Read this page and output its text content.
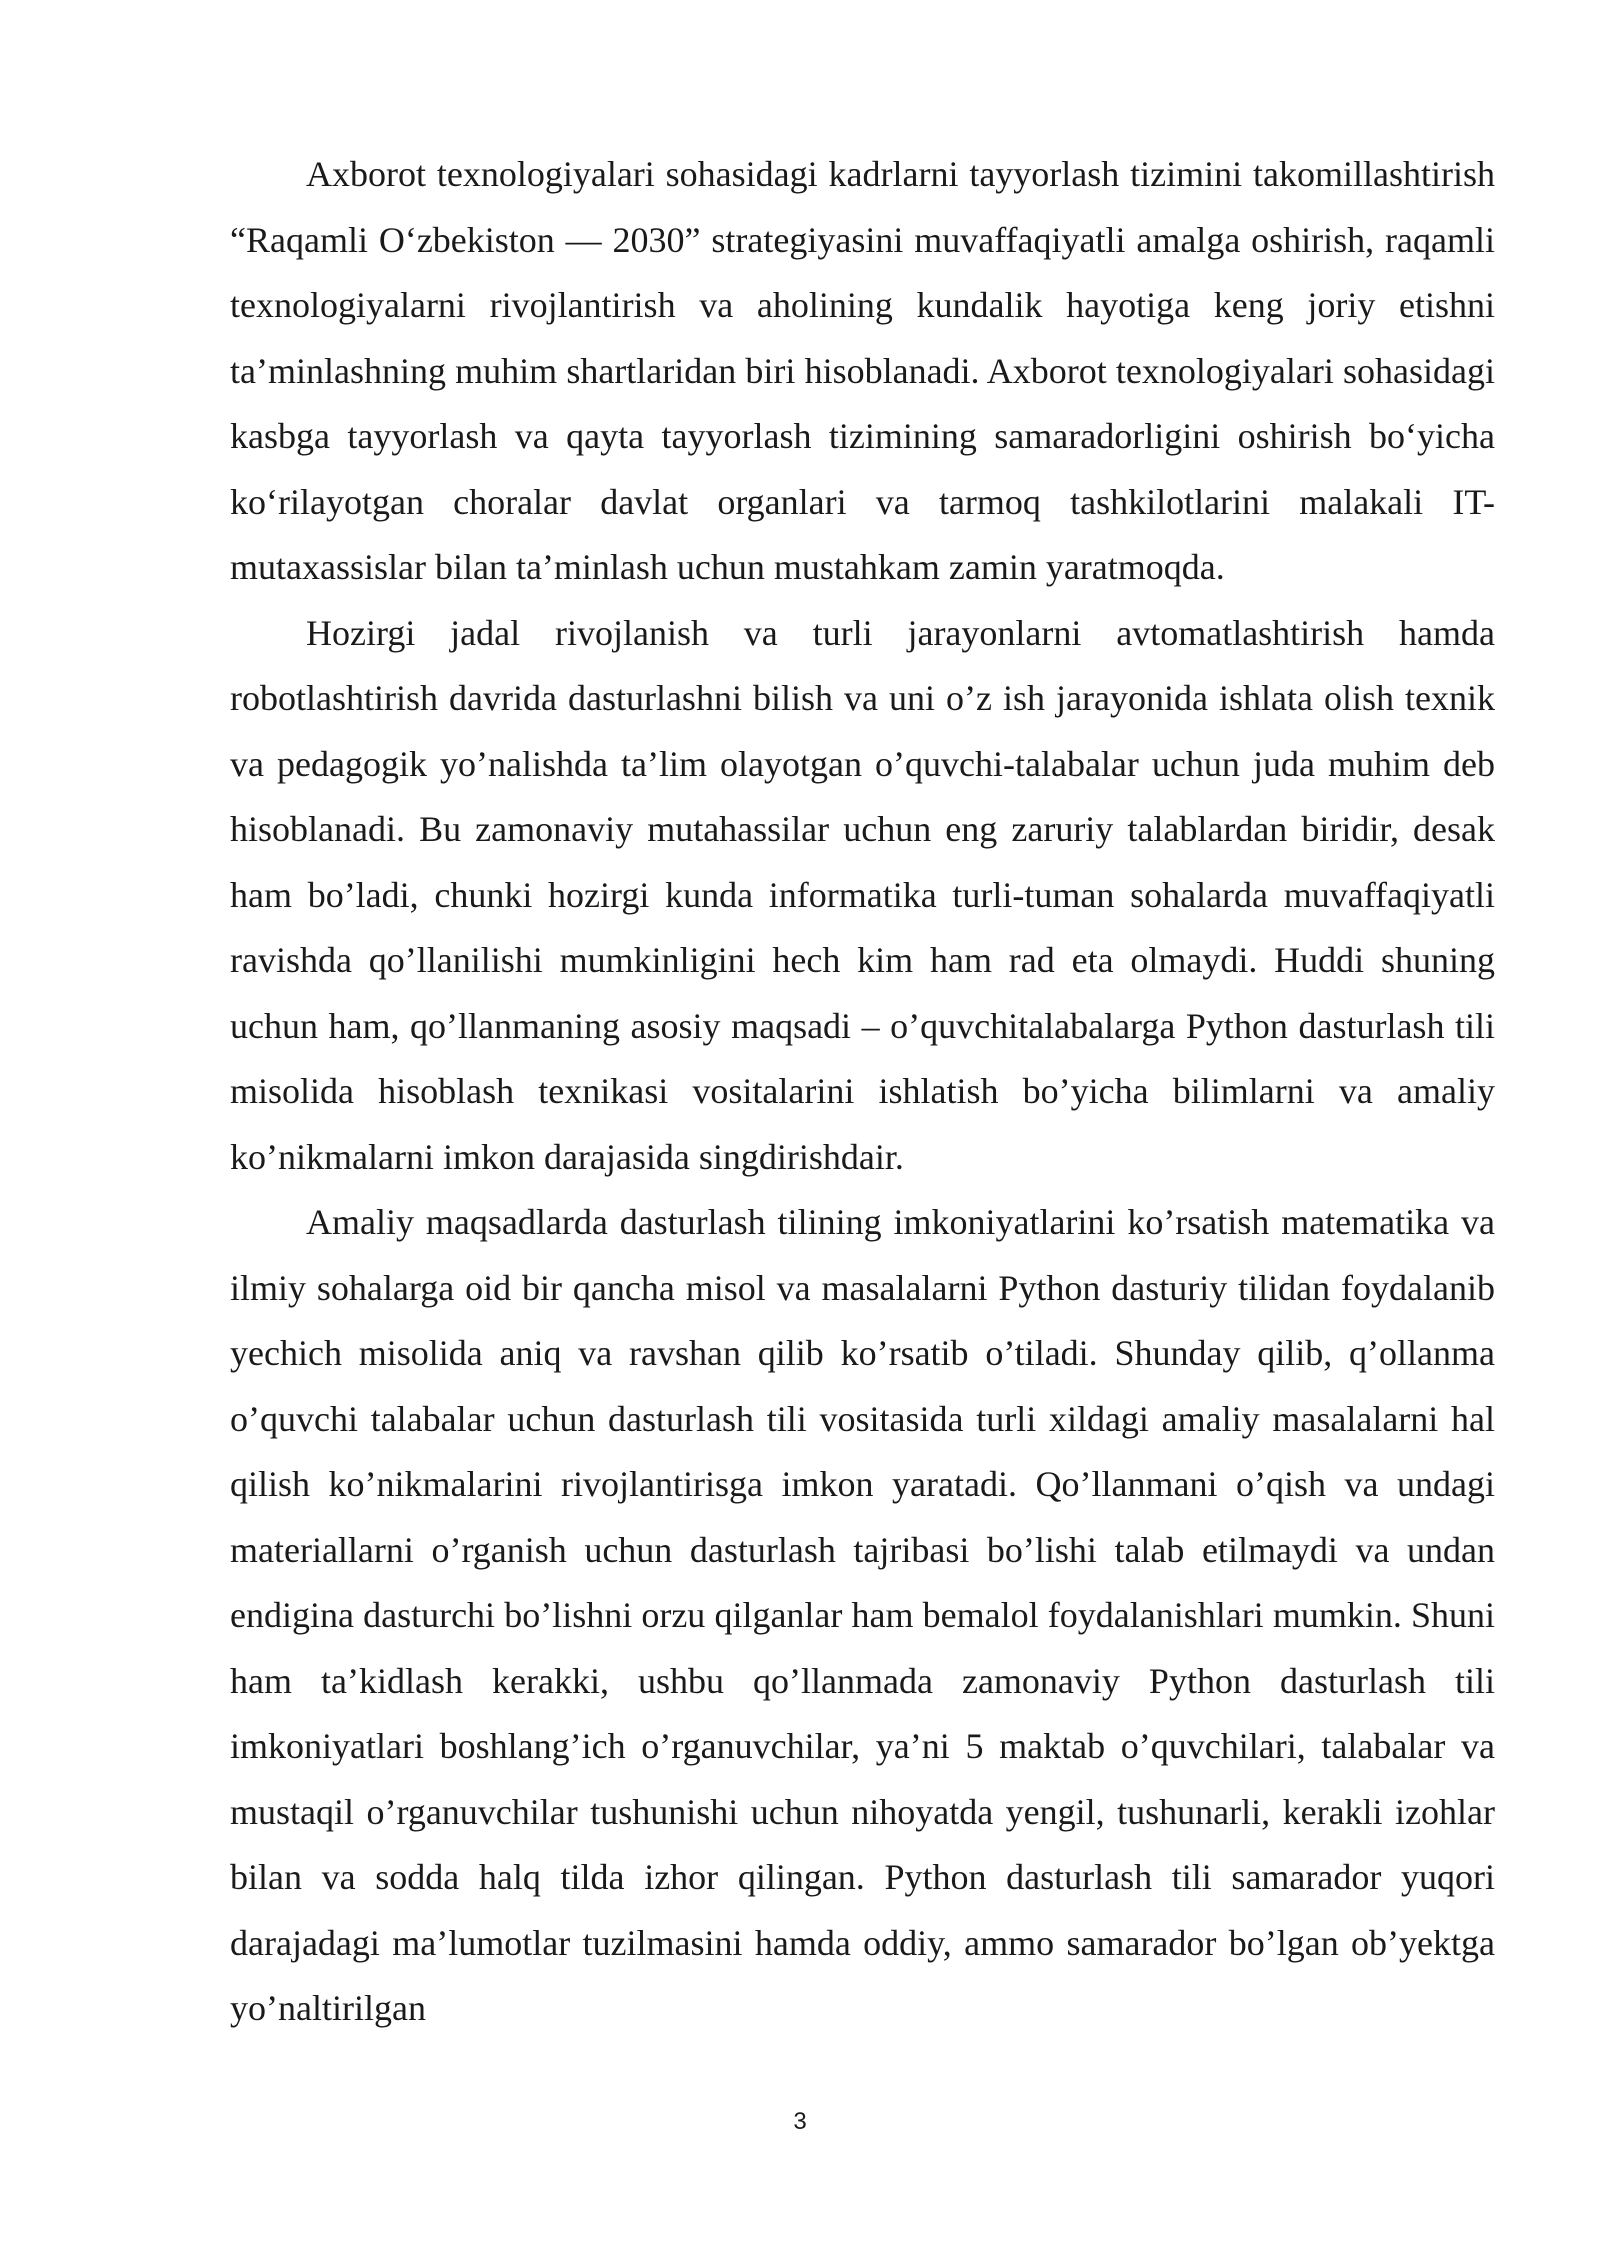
Axborot texnologiyalari sohasidagi kadrlarni tayyorlash tizimini takomillashtirish “Raqamli O‘zbekiston — 2030” strategiyasini muvaffaqiyatli amalga oshirish, raqamli texnologiyalarni rivojlantirish va aholining kundalik hayotiga keng joriy etishni ta’minlashning muhim shartlaridan biri hisoblanadi. Axborot texnologiyalari sohasidagi kasbga tayyorlash va qayta tayyorlash tizimining samaradorligini oshirish bo‘yicha ko‘rilayotgan choralar davlat organlari va tarmoq tashkilotlarini malakali IT-mutaxassislar bilan ta’minlash uchun mustahkam zamin yaratmoqda.

Hozirgi jadal rivojlanish va turli jarayonlarni avtomatlashtirish hamda robotlashtirish davrida dasturlashni bilish va uni o’z ish jarayonida ishlata olish texnik va pedagogik yo’nalishda ta’lim olayotgan o’quvchi-talabalar uchun juda muhim deb hisoblanadi. Bu zamonaviy mutahassilar uchun eng zaruriy talablardan biridir, desak ham bo’ladi, chunki hozirgi kunda informatika turli-tuman sohalarda muvaffaqiyatli ravishda qo’llanilishi mumkinligini hech kim ham rad eta olmaydi. Huddi shuning uchun ham, qo’llanmaning asosiy maqsadi – o’quvchitalabalarga Python dasturlash tili misolida hisoblash texnikasi vositalarini ishlatish bo’yicha bilimlarni va amaliy ko’nikmalarni imkon darajasida singdirishdair.

Amaliy maqsadlarda dasturlash tilining imkoniyatlarini ko’rsatish matematika va ilmiy sohalarga oid bir qancha misol va masalalarni Python dasturiy tilidan foydalanib yechich misolida aniq va ravshan qilib ko’rsatib o’tiladi. Shunday qilib, q’ollanma o’quvchi talabalar uchun dasturlash tili vositasida turli xildagi amaliy masalalarni hal qilish ko’nikmalarini rivojlantirisga imkon yaratadi. Qo’llanmani o’qish va undagi materiallarni o’rganish uchun dasturlash tajribasi bo’lishi talab etilmaydi va undan endigina dasturchi bo’lishni orzu qilganlar ham bemalol foydalanishlari mumkin. Shuni ham ta’kidlash kerakki, ushbu qo’llanmada zamonaviy Python dasturlash tili imkoniyatlari boshlang’ich o’rganuvchilar, ya’ni 5 maktab o’quvchilari, talabalar va mustaqil o’rganuvchilar tushunishi uchun nihoyatda yengil, tushunarli, kerakli izohlar bilan va sodda halq tilda izhor qilingan. Python dasturlash tili samarador yuqori darajadagi ma’lumotlar tuzilmasini hamda oddiy, ammo samarador bo’lgan ob’yektga yo’naltirilgan

3
